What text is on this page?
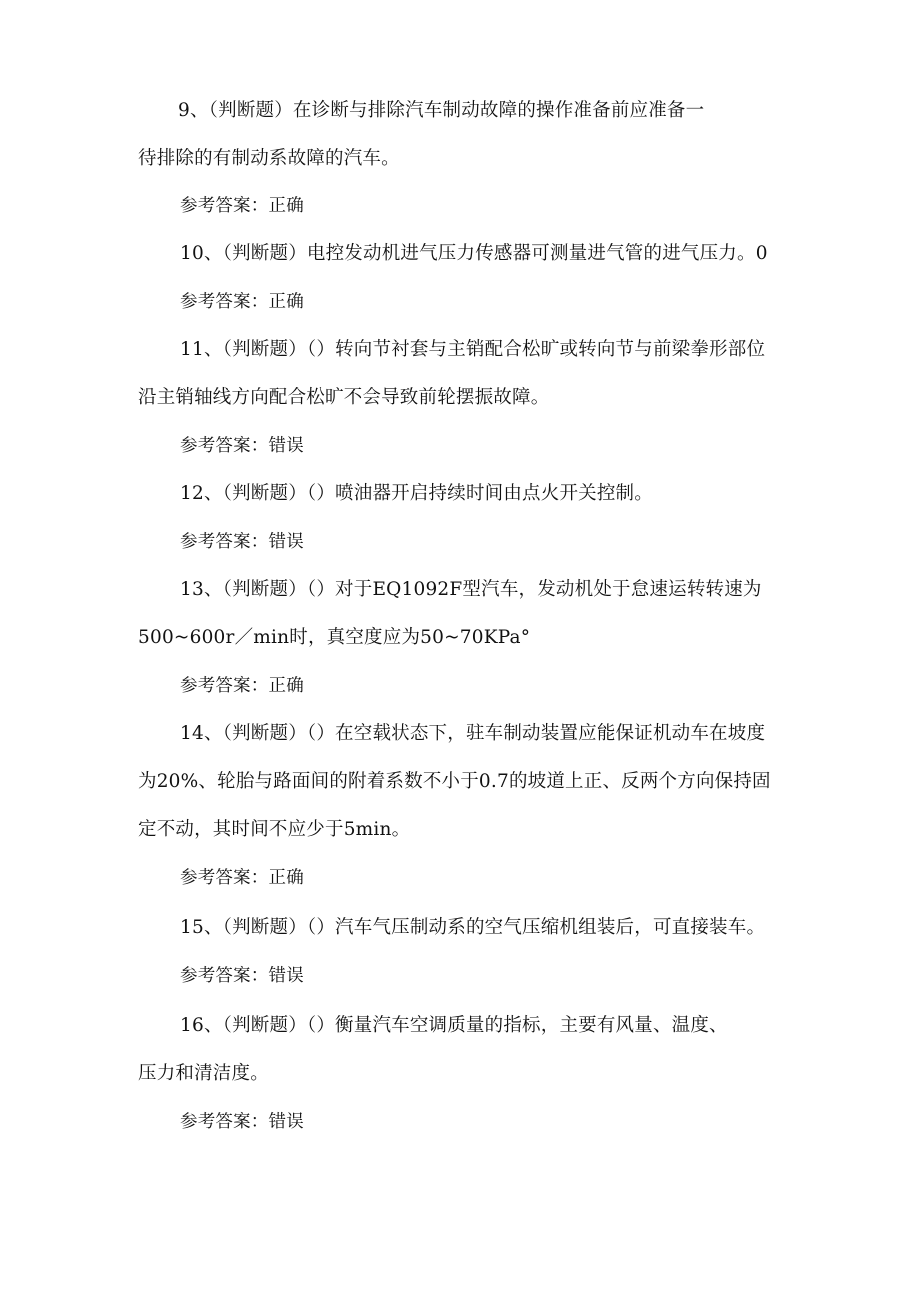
9、（判断题）在诊断与排除汽车制动故障的操作准备前应准备一
待排除的有制动系故障的汽车。
参考答案：正确
10、（判断题）电控发动机进气压力传感器可测量进气管的进气压力。0
参考答案：正确
11、（判断题）（）转向节衬套与主销配合松旷或转向节与前梁拳形部位
沿主销轴线方向配合松旷不会导致前轮摆振故障。
参考答案：错误
12、（判断题）（）喷油器开启持续时间由点火开关控制。
参考答案：错误
13、（判断题）（）对于EQ1092F型汽车，发动机处于怠速运转转速为
500~600r／min时，真空度应为50~70KPa°
参考答案：正确
14、（判断题）（）在空载状态下，驻车制动装置应能保证机动车在坡度
为20%、轮胎与路面间的附着系数不小于0.7的坡道上正、反两个方向保持固
定不动，其时间不应少于5min。
参考答案：正确
15、（判断题）（）汽车气压制动系的空气压缩机组装后，可直接装车。
参考答案：错误
16、（判断题）（）衡量汽车空调质量的指标，主要有风量、温度、
压力和清洁度。
参考答案：错误
